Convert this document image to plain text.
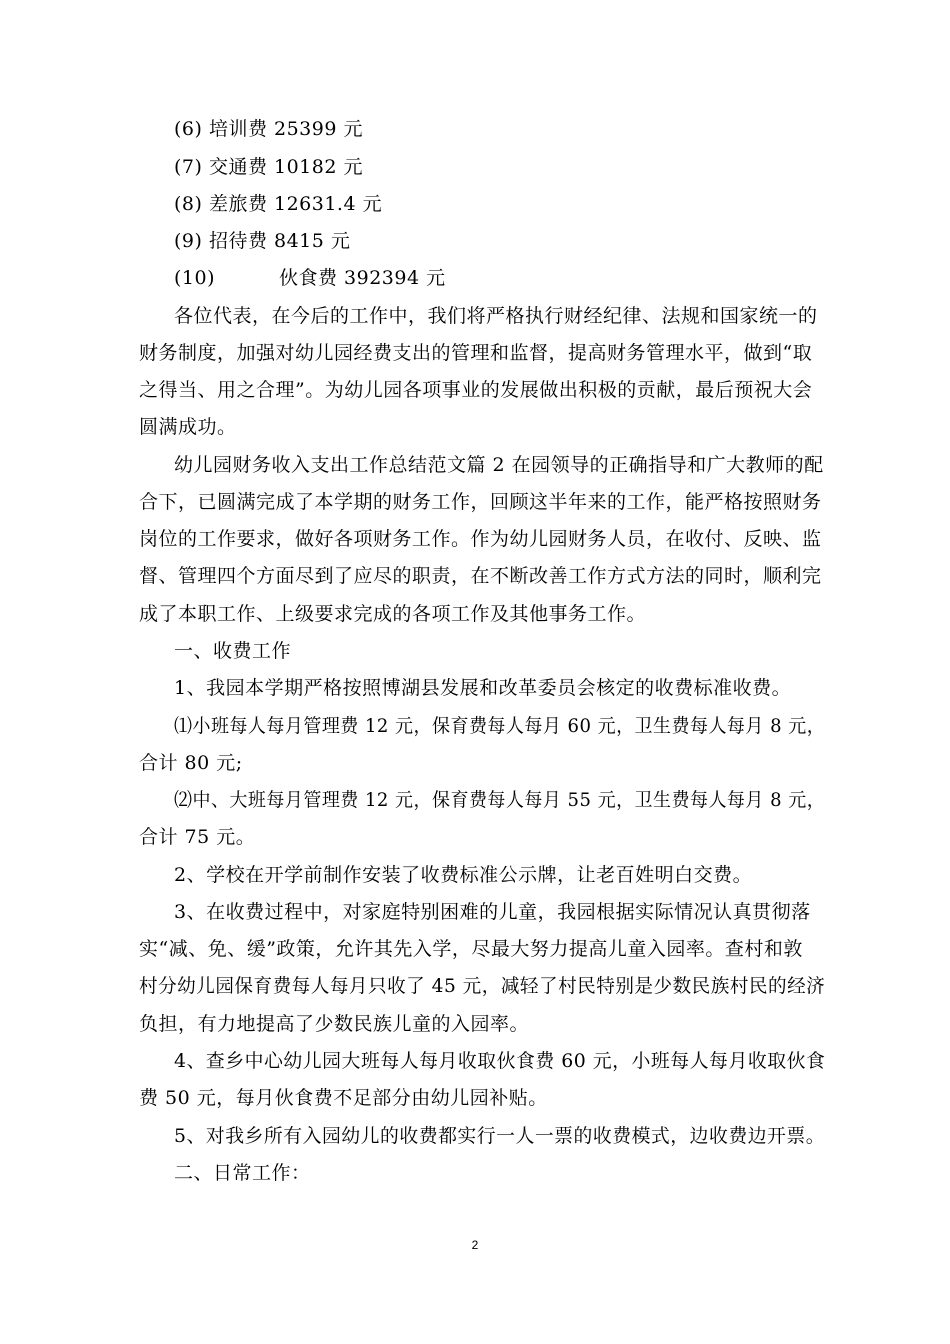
(6) 培训费 25399 元
(7) 交通费 10182 元
(8) 差旅费 12631.4 元
(9) 招待费 8415 元
(10)	伙食费 392394 元
各位代表，在今后的工作中，我们将严格执行财经纪律、法规和国家统一的
财务制度，加强对幼儿园经费支出的管理和监督，提高财务管理水平，做到“取
之得当、用之合理”。为幼儿园各项事业的发展做出积极的贡献，最后预祝大会
圆满成功。
幼儿园财务收入支出工作总结范文篇 2 在园领导的正确指导和广大教师的配
合下，已圆满完成了本学期的财务工作，回顾这半年来的工作，能严格按照财务
岗位的工作要求，做好各项财务工作。作为幼儿园财务人员，在收付、反映、监
督、管理四个方面尽到了应尽的职责，在不断改善工作方式方法的同时，顺利完
成了本职工作、上级要求完成的各项工作及其他事务工作。
一、收费工作
1、我园本学期严格按照博湖县发展和改革委员会核定的收费标准收费。
⑴小班每人每月管理费 12 元，保育费每人每月 60 元，卫生费每人每月 8 元，
合计 80 元;
⑵中、大班每月管理费 12 元，保育费每人每月 55 元，卫生费每人每月 8 元，
合计 75 元。
2、学校在开学前制作安装了收费标准公示牌，让老百姓明白交费。
3、在收费过程中，对家庭特别困难的儿童，我园根据实际情况认真贯彻落
实“减、免、缓”政策，允许其先入学，尽最大努力提高儿童入园率。查村和敦
村分幼儿园保育费每人每月只收了 45 元，减轻了村民特别是少数民族村民的经济
负担，有力地提高了少数民族儿童的入园率。
4、查乡中心幼儿园大班每人每月收取伙食费 60 元，小班每人每月收取伙食
费 50 元，每月伙食费不足部分由幼儿园补贴。
5、对我乡所有入园幼儿的收费都实行一人一票的收费模式，边收费边开票。
二、日常工作：
2
